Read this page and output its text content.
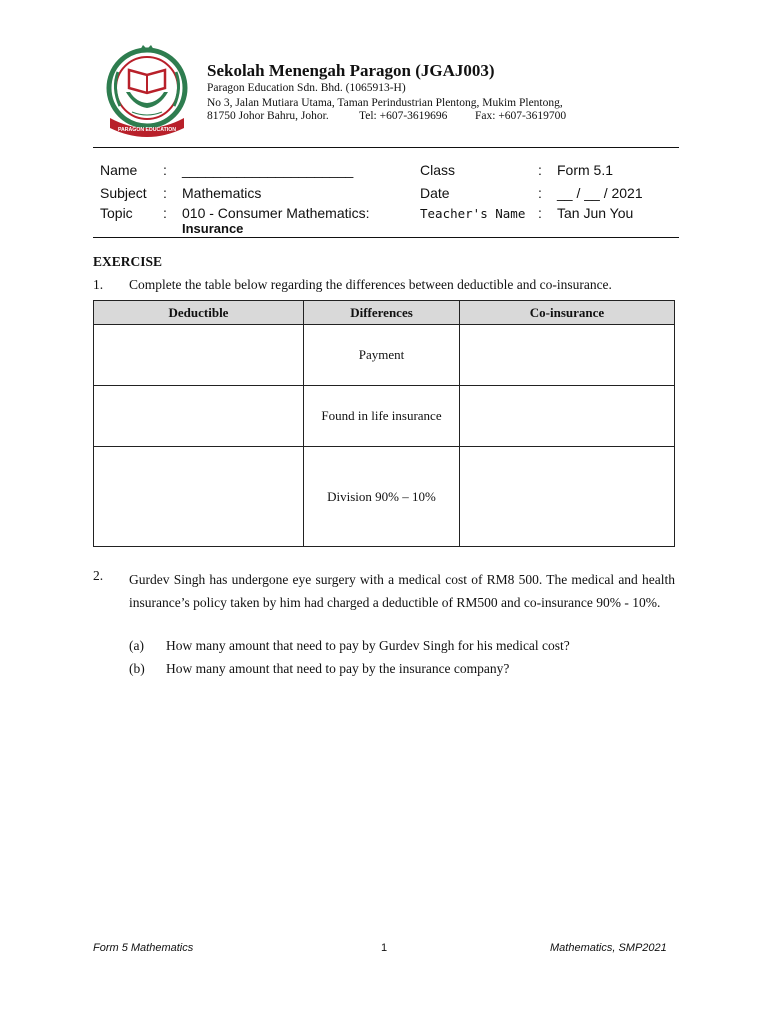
PARAGON EDUCATION
Sekolah Menengah Paragon (JGAJ003)
Paragon Education Sdn. Bhd. (1065913-H)
No 3, Jalan Mutiara Utama, Taman Perindustrian Plentong, Mukim Plentong,
81750 Johor Bahru, Johor.	Tel: +607-3619696 Fax: +607-3619700
Name : ______________________
Subject : Mathematics
Topic : 010 - Consumer Mathematics:
Insurance
Class	: Form 5.1
Date	: __ / __ / 2021
Teacher's Name : Tan Jun You
EXERCISE
1. Complete the table below regarding the differences between deductible and co-insurance.
Deductible	Differences	Co-insurance
	Payment	
	Found in life insurance	
	Division 90% – 10%	
2. Gurdev Singh has undergone eye surgery with a medical cost of RM8 500. The medical and health insurance’s policy taken by him had charged a deductible of RM500 and co-insurance 90% - 10%.
(a) How many amount that need to pay by Gurdev Singh for his medical cost?
(b) How many amount that need to pay by the insurance company?
Form 5 Mathematics	1	Mathematics, SMP2021
